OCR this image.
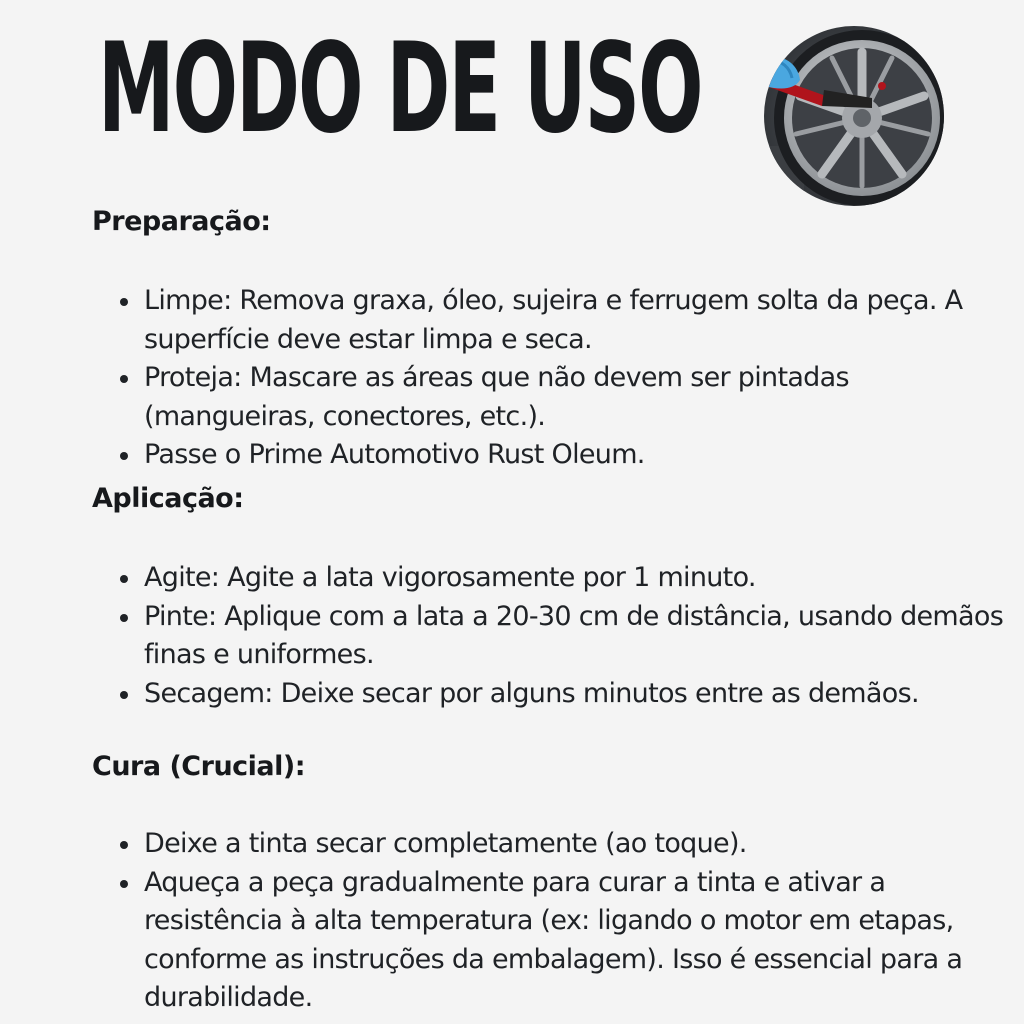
MODO DE USO
Preparação:
Limpe: Remova graxa, óleo, sujeira e ferrugem solta da peça. A superfície deve estar limpa e seca.
Proteja: Mascare as áreas que não devem ser pintadas (mangueiras, conectores, etc.).
Passe o Prime Automotivo Rust Oleum.
Aplicação:
Agite: Agite a lata vigorosamente por 1 minuto.
Pinte: Aplique com a lata a 20-30 cm de distância, usando demãos finas e uniformes.
Secagem: Deixe secar por alguns minutos entre as demãos.
Cura (Crucial):
Deixe a tinta secar completamente (ao toque).
Aqueça a peça gradualmente para curar a tinta e ativar a resistência à alta temperatura (ex: ligando o motor em etapas, conforme as instruções da embalagem). Isso é essencial para a durabilidade.
